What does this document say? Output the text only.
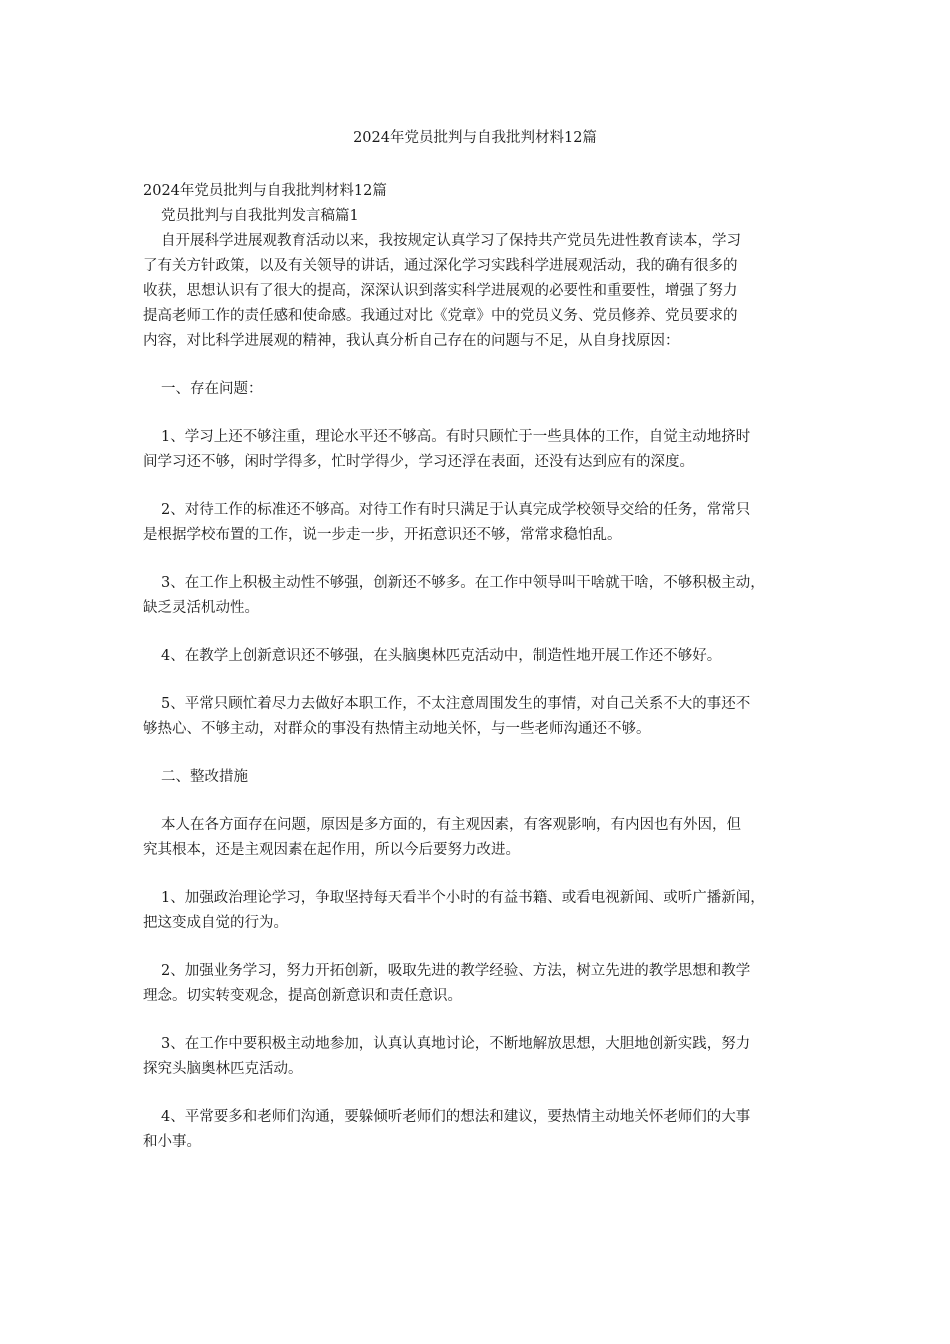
2024年党员批判与自我批判材料12篇

2024年党员批判与自我批判材料12篇

党员批判与自我批判发言稿篇1

自开展科学进展观教育活动以来，我按规定认真学习了保持共产党员先进性教育读本，学习

了有关方针政策，以及有关领导的讲话，通过深化学习实践科学进展观活动，我的确有很多的

收获，思想认识有了很大的提高，深深认识到落实科学进展观的必要性和重要性，增强了努力

提高老师工作的责任感和使命感。我通过对比《党章》中的党员义务、党员修养、党员要求的

内容，对比科学进展观的精神，我认真分析自己存在的问题与不足，从自身找原因：

一、存在问题：

1、学习上还不够注重，理论水平还不够高。有时只顾忙于一些具体的工作，自觉主动地挤时

间学习还不够，闲时学得多，忙时学得少，学习还浮在表面，还没有达到应有的深度。

2、对待工作的标准还不够高。对待工作有时只满足于认真完成学校领导交给的任务，常常只

是根据学校布置的工作，说一步走一步，开拓意识还不够，常常求稳怕乱。

3、在工作上积极主动性不够强，创新还不够多。在工作中领导叫干啥就干啥，不够积极主动，

缺乏灵活机动性。

4、在教学上创新意识还不够强，在头脑奥林匹克活动中，制造性地开展工作还不够好。

5、平常只顾忙着尽力去做好本职工作，不太注意周围发生的事情，对自己关系不大的事还不

够热心、不够主动，对群众的事没有热情主动地关怀，与一些老师沟通还不够。

二、整改措施

本人在各方面存在问题，原因是多方面的，有主观因素，有客观影响，有内因也有外因，但

究其根本，还是主观因素在起作用，所以今后要努力改进。

1、加强政治理论学习，争取坚持每天看半个小时的有益书籍、或看电视新闻、或听广播新闻，

把这变成自觉的行为。

2、加强业务学习，努力开拓创新，吸取先进的教学经验、方法，树立先进的教学思想和教学

理念。切实转变观念，提高创新意识和责任意识。

3、在工作中要积极主动地参加，认真认真地讨论，不断地解放思想，大胆地创新实践，努力

探究头脑奥林匹克活动。

4、平常要多和老师们沟通，要躲倾听老师们的想法和建议，要热情主动地关怀老师们的大事

和小事。
